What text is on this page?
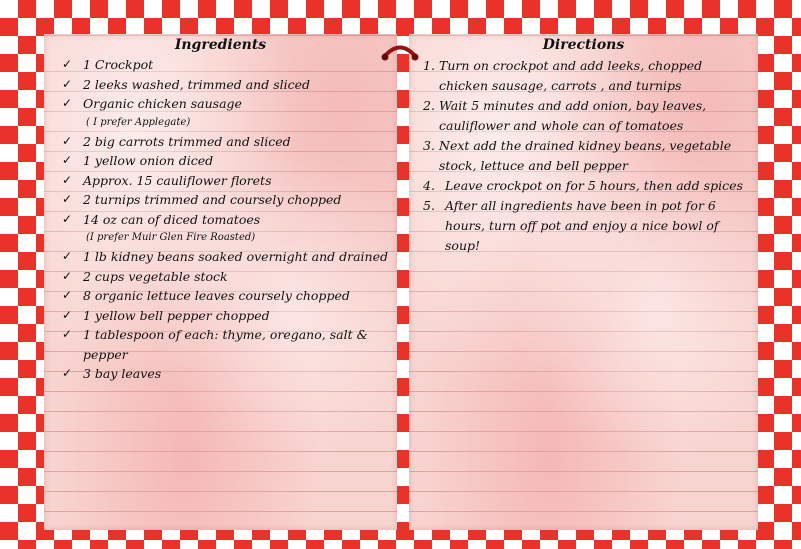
Ingredients
✓ 1 Crockpot
✓ 2 leeks washed, trimmed and sliced
✓ Organic chicken sausage
( I prefer Applegate)
✓ 2 big carrots trimmed and sliced
✓ 1 yellow onion diced
✓ Approx. 15 cauliflower florets
✓ 2 turnips trimmed and coursely chopped
✓ 14 oz can of diced tomatoes
(I prefer Muir Glen Fire Roasted)
✓ 1 lb kidney beans soaked overnight and drained
✓ 2 cups vegetable stock
✓ 8 organic lettuce leaves coursely chopped
✓ 1 yellow bell pepper chopped
✓ 1 tablespoon of each: thyme, oregano, salt & pepper
✓ 3 bay leaves
Directions
1. Turn on crockpot and add leeks, chopped chicken sausage, carrots , and turnips
2. Wait 5 minutes and add onion, bay leaves, cauliflower and whole can of tomatoes
3. Next add the drained kidney beans, vegetable stock, lettuce and bell pepper
4. Leave crockpot on for 5 hours, then add spices
5. After all ingredients have been in pot for 6 hours, turn off pot and enjoy a nice bowl of soup!
